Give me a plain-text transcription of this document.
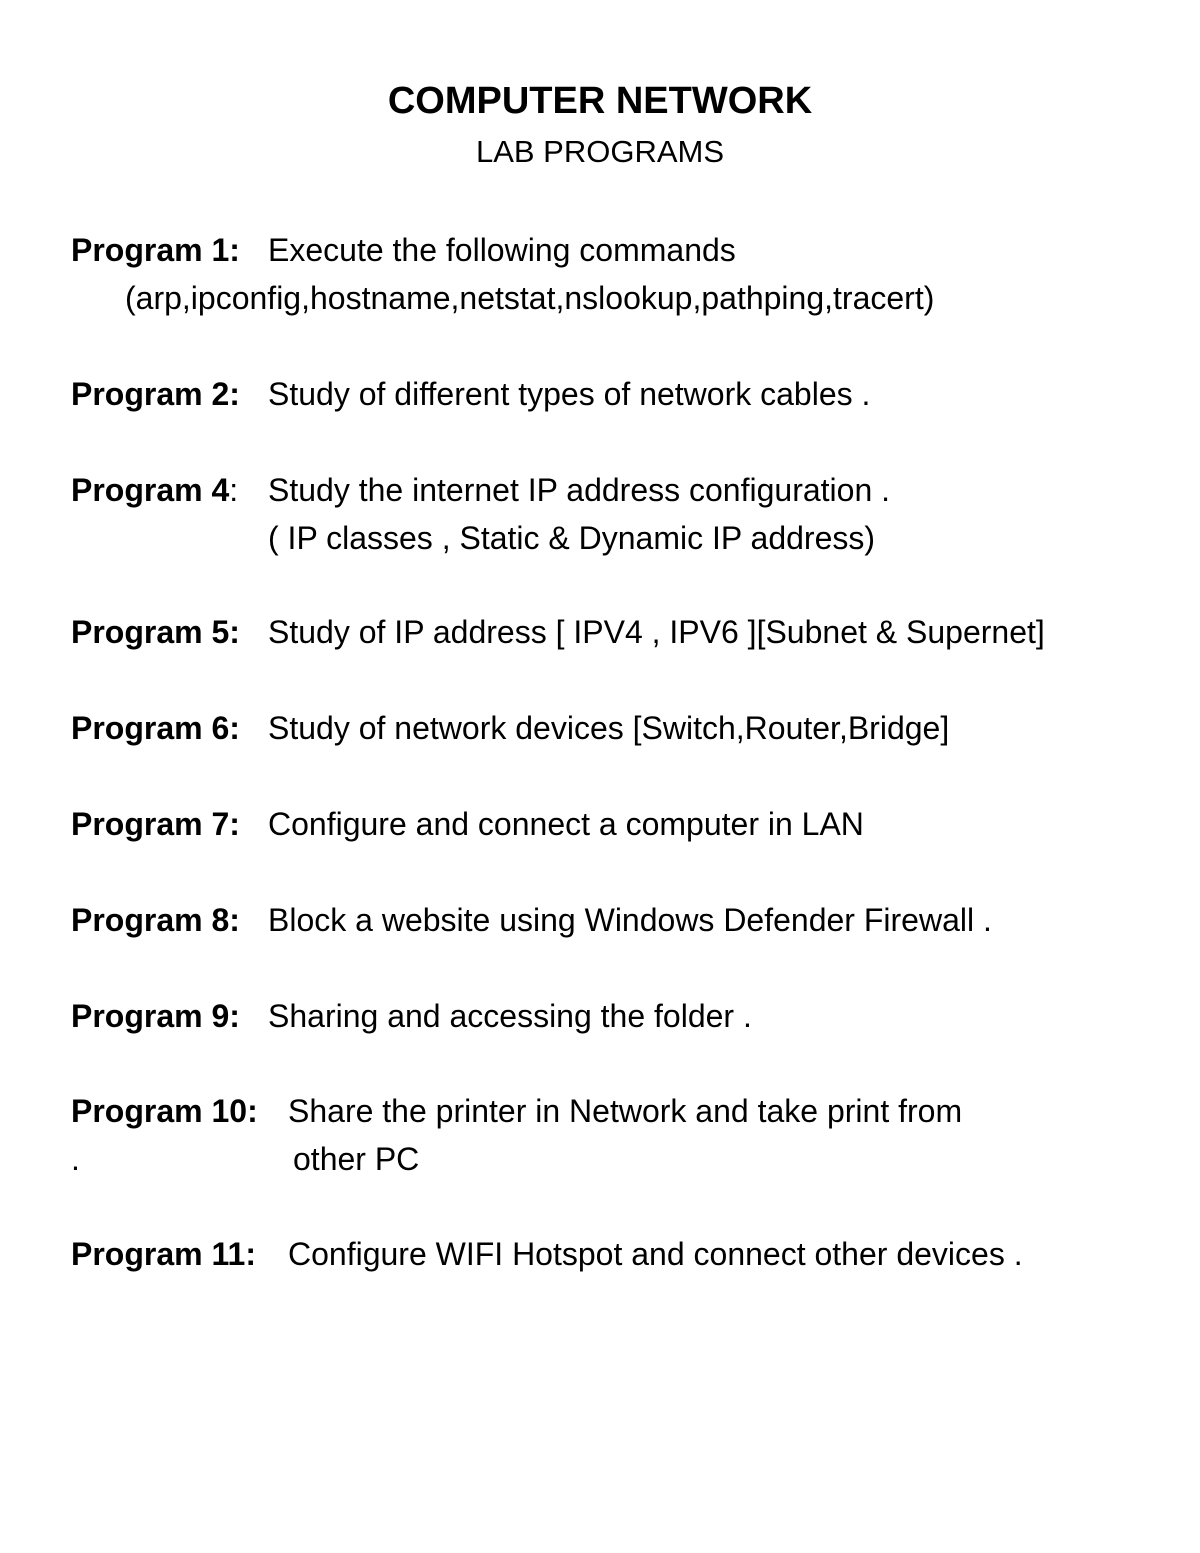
COMPUTER NETWORK
LAB PROGRAMS
Program 1: Execute the following commands
(arp,ipconfig,hostname,netstat,nslookup,pathping,tracert)
Program 2: Study of different types of network cables .
Program 4: Study the internet IP address configuration .
( IP classes , Static & Dynamic IP address)
Program 5: Study of IP address [ IPV4 , IPV6 ][Subnet & Supernet]
Program 6: Study of network devices [Switch,Router,Bridge]
Program 7: Configure and connect a computer in LAN
Program 8: Block a website using Windows Defender Firewall .
Program 9: Sharing and accessing the folder .
Program 10: Share the printer in Network and take print from
.	other PC
Program 11: Configure WIFI Hotspot and connect other devices .
